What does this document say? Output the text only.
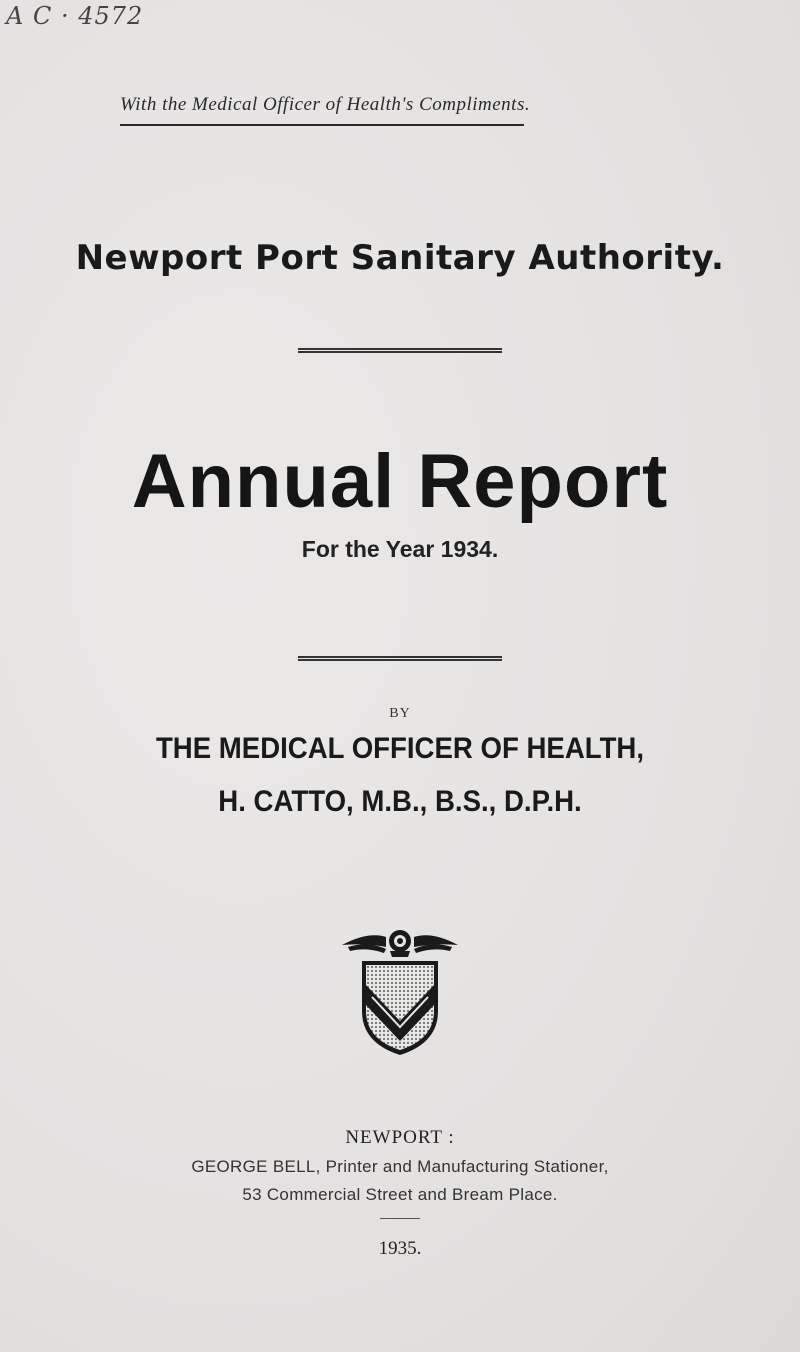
A C · 4572
With the Medical Officer of Health's Compliments.
Newport Port Sanitary Authority.
Annual Report
For the Year 1934.
BY
THE MEDICAL OFFICER OF HEALTH,
H. CATTO, M.B., B.S., D.P.H.
NEWPORT :
GEORGE BELL, Printer and Manufacturing Stationer,
53 Commercial Street and Bream Place.
1935.
